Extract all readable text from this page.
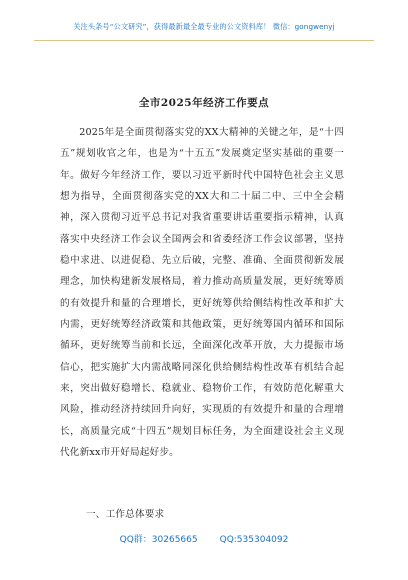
关注头条号“公文研究”，获得最新最全最专业的公文资料库！ 微信：gongwenyj
全市2025年经济工作要点
2025年是全面贯彻落实党的XX大精神的关键之年，是“十四五”规划收官之年，也是为“十五五”发展奠定坚实基础的重要一年。做好今年经济工作，要以习近平新时代中国特色社会主义思想为指导，全面贯彻落实党的XX大和二十届二中、三中全会精神，深入贯彻习近平总书记对我省重要讲话重要指示精神，认真落实中央经济工作会议全国两会和省委经济工作会议部署，坚持稳中求进、以进促稳、先立后破，完整、准确、全面贯彻新发展理念，加快构建新发展格局，着力推动高质量发展，更好统筹质的有效提升和量的合理增长，更好统筹供给侧结构性改革和扩大内需，更好统筹经济政策和其他政策，更好统筹国内循环和国际循环，更好统筹当前和长远，全面深化改革开放，大力提振市场信心，把实施扩大内需战略同深化供给侧结构性改革有机结合起来，突出做好稳增长、稳就业、稳物价工作，有效防范化解重大风险，推动经济持续回升向好，实现质的有效提升和量的合理增长，高质量完成“十四五”规划目标任务，为全面建设社会主义现代化新xx市开好局起好步。
一、工作总体要求
QQ群：30265665 QQ:535304092
